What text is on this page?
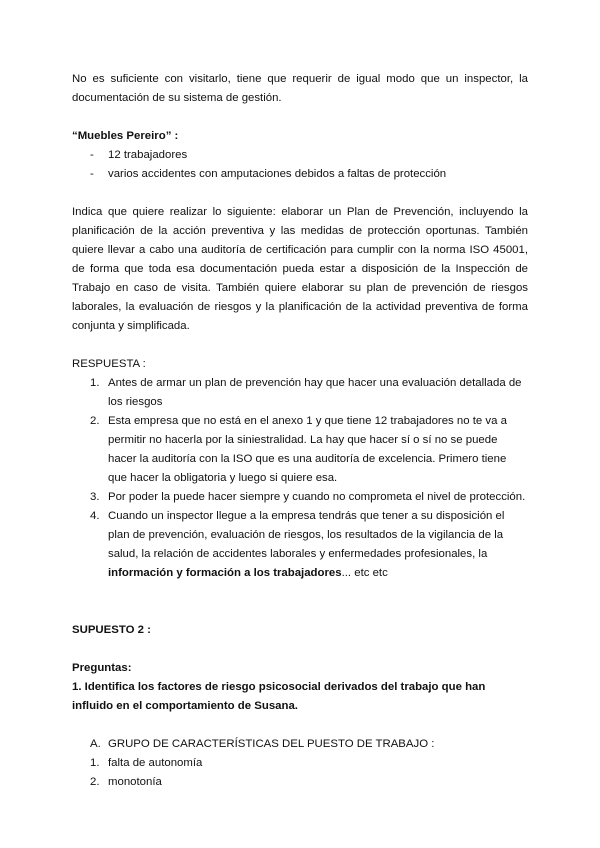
No es suficiente con visitarlo, tiene que requerir de igual modo que un inspector, la documentación de su sistema de gestión.

“Muebles Pereiro” :

- 12 trabajadores
- varios accidentes con amputaciones debidos a faltas de protección

Indica que quiere realizar lo siguiente: elaborar un Plan de Prevención, incluyendo la planificación de la acción preventiva y las medidas de protección oportunas. También quiere llevar a cabo una auditoría de certificación para cumplir con la norma ISO 45001, de forma que toda esa documentación pueda estar a disposición de la Inspección de Trabajo en caso de visita. También quiere elaborar su plan de prevención de riesgos laborales, la evaluación de riesgos y la planificación de la actividad preventiva de forma conjunta y simplificada.

RESPUESTA :

1. Antes de armar un plan de prevención hay que hacer una evaluación detallada de los riesgos
2. Esta empresa que no está en el anexo 1 y que tiene 12 trabajadores no te va a permitir no hacerla por la siniestralidad. La hay que hacer sí o sí no se puede hacer la auditoría con la ISO que es una auditoría de excelencia. Primero tiene que hacer la obligatoria y luego si quiere esa.
3. Por poder la puede hacer siempre y cuando no comprometa el nivel de protección.
4. Cuando un inspector llegue a la empresa tendrás que tener a su disposición el plan de prevención, evaluación de riesgos, los resultados de la vigilancia de la salud, la relación de accidentes laborales y enfermedades profesionales, la información y formación a los trabajadores... etc etc

SUPUESTO 2 :

Preguntas:

1. Identifica los factores de riesgo psicosocial derivados del trabajo que han influido en el comportamiento de Susana.

A. GRUPO DE CARACTERÍSTICAS DEL PUESTO DE TRABAJO :
1. falta de autonomía
2. monotonía
